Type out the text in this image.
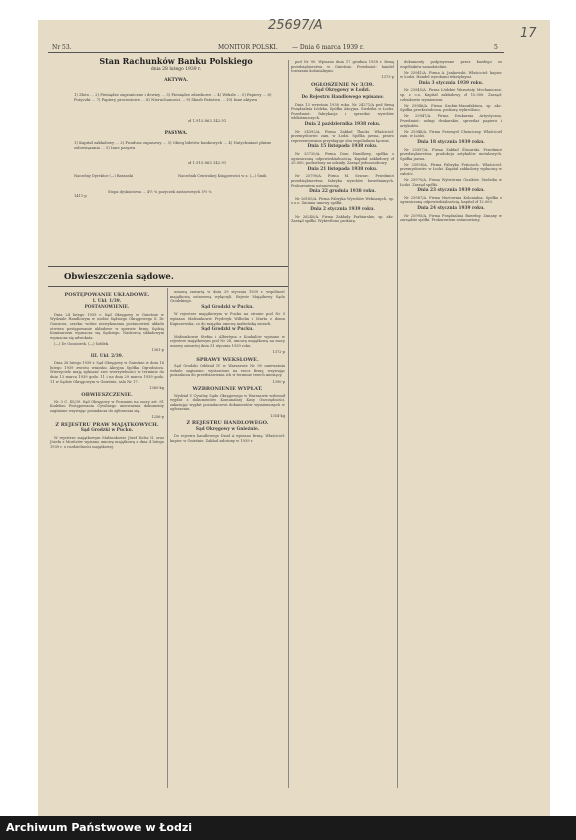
Nr 53.	MONITOR POLSKI. — Dnia 6 marca 1939 r.	5
25697/A
17
Stan Rachunków Banku Polskiego
dnia 28 lutego 1939 r.
AKTYWA.
1) Złoto ... 2) Pieniądze zagraniczne i dewizy ... 3) Pieniądze zdawkowe ... 4) Weksle ... 5) Papiery ... 6) Pożyczki ... 7) Papiery procentowe ... 8) Nieruchomości ... 9) Skarb Państwa ... 10) Inne aktywa
zł 1.915.863.142.91
PASYWA.
1) Kapitał zakładowy ... 2) Fundusz zapasowy ... 3) Obieg biletów bankowych ... 4) Natychmiast płatne zobowiązania ... 5) Inne pasywa
zł 1.915.863.142.91
Naczelny Dyrektor (—) Baranski	Naczelnik Centralnej Księgowości w z. (—) Śmik
Stopa dyskontowa ... 4½ % pożyczek zastawowych 5½ %
1411-p
Obwieszczenia sądowe.
POSTĘPOWANIE UKŁADOWE.
I. Ukł. 1/39.
POSTANOWIENIE.

Dnia 24 lutego 1939 r. Sąd Okręgowy w Gnieźnie w Wydziale Handlowym w osobie Sędziego Okręgowego S. Dr Gonsiora, orzeka: wobec niewykonania postanowień układu otwiera postępowanie układowe w sprawie firmy. Sędzią Komisarzem wyznacza się Sędziego. Nadzorcą układowym wyznacza się adwokata.

(—) Dr Gonsiorek. (—) Sołdek.

1361-p

III. Ukł. 2/39.

Dnia 28 lutego 1939 r. Sąd Okręgowy w Gnieźnie w dniu 16 lutego 1939 zwrotu wniosku Akcyjna Spółka Ogrodnicza. Wierzyciele mają zgłaszać swe wierzytelności w terminie do dnia 13 marca 1939 godz. 11 i na dnia 29 marca 1939 godz. 11 w Sądzie Okręgowym w Gnieźnie, sala Nr 17.

1365-kg

OBWIESZCZENIE.

Nr 3 C. 45/39. Sąd Okręgowy w Poznaniu na mocy art. 81 Kodeksu Postępowania Cywilnego unieważnia dokumenty zaginione wzywając posiadacza do zgłoszenia się.

1256-p

Z REJESTRU PRAW MAJĄTKOWYCH.
Sąd Grodzki w Pucku.

W rejestrze majątkowym Małżonkowie Józef Kelsz II. oraz Józefa z Moritzów wpisano umowę majątkową z dnia 4 lutego 1939 r. o rozdzielności majątkowej.

umową zawartą w dniu 29 stycznia 1939 r. wspólność majątkową ustawową wyłączyli. Rejestr Majątkowy Sądu Grodzkiego.

Sąd Grodzki w Pucku.

W rejestrze majątkowym w Pucku na stronie pod Nr 5 wpisano Małżonkowie Fryderyk Wilhelm i Marta z domu Kupiszewska, co do majątku umowę małżeńską zawarli.

Sąd Grodzki w Pucku.

Małżonkowie Stefan i Albertyna z Konkalów wpisano w rejestrze majątkowym pod Nr 26, umowę majątkową na mocy umowy zawartej dnia 31 stycznia 1939 roku.

1372-p

SPRAWY WEKSLOWE.

Sąd Grodzki Oddział IV w Warszawie Nr 90 unieważnia weksle zaginione, wystawione na rzecz firmy, wzywając posiadacza do przedstawienia ich w terminie trzech miesięcy.

1390-p

WZBRONIENIE WYPŁAT.

Wydział V Cywilny Sądu Okręgowego w Warszawie wzbronił wypłat z dokumentów Komunalnej Kasy Oszczędności, zakazując wypłat posiadaczowi dokumentów wymienionych w ogłoszeniu.

1354-kg

Z REJESTRU HANDLOWEGO.
Sąd Okręgowy w Gnieźnie.

Do rejestru handlowego Dział A wpisano firmę. Właściciel: kupiec w Gnieźnie. Zakład założony w 1939 r.

pod Nr 90. Wpisano dnia 17 grudnia 1938 r. firmę przedsiębiorstwa w Gnieźnie. Przedmiot: handel towarami kolonialnymi.

1373-p

OGŁOSZENIE Nr 3/39.
Sąd Okręgowy w Łodzi.
Do Rejestru Handlowego wpisano:

Dnia 13 września 1938 roku. Nr 24271/A pod firmą Przędzalnia Łódzka, Spółka Akcyjna. Siedziba w Łodzi. Przedmiot: fabrykacja i sprzedaż wyrobów włókienniczych.

Dnia 2 października 1938 roku.

Nr 24392/A. Firma Zakład Tkacki. Właściciel: przemysłowiec zam. w Łodzi. Spółka jawna, prawo reprezentowania przysługuje obu wspólnikom łącznie.

Dnia 15 listopada 1938 roku.

Nr 25720/A. Firma Dom Handlowy, spółka z ograniczoną odpowiedzialnością. Kapitał zakładowy zł 20.000, podzielony na udziały. Zarząd jednoosobowy.

Dnia 21 listopada 1938 roku.

Nr 25790/A. Firma M. Szwarc. Przedmiot przedsiębiorstwa: fabryka wyrobów bawełnianych. Prokurentem ustanowiony.

Dnia 22 grudnia 1938 roku.

Nr 26185/A. Firma Fabryka Wyrobów Wełnianych, sp. z o.o. Zmiana umowy spółki.

Dnia 2 stycznia 1939 roku.

Nr 26240/A. Firma Zakłady Farbiarskie, sp. akc. Zarząd spółki. Wykreślono prokurę.

dokumenty podpisywane przez każdego ze wspólników samodzielnie.

Nr 25941/A. Firma A. Jankowski. Właściciel: kupiec w Łodzi. Handel wyrobami tekstylnymi.

Dnia 3 stycznia 1939 roku.

Nr 25945/A. Firma Łódzkie Warsztaty Mechaniczne, sp. z o.o. Kapitał zakładowy zł 10.000. Zarząd: członkowie wymienieni.

Nr 25946/A. Firma Szubin-Manufaktura, sp. akc. Spółka przekształcona, prokurę wykreślono.

Nr 25947/A. Firma Drukarnia Artystyczna. Przedmiot: usługi drukarskie, sprzedaż papieru i artykułów.

Nr 25948/A. Firma Przemysł Chemiczny. Właściciel zam. w Łodzi.

Dnia 18 stycznia 1939 roku.

Nr 25957/A. Firma Zakład Ślusarski. Przedmiot przedsiębiorstwa: produkcja artykułów metalowych. Spółka jawna.

Nr 25958/A. Firma Fabryka Pończoch. Właściciel: przemysłowiec w Łodzi. Kapitał zakładowy wpłacony w całości.

Nr 25970/A. Firma Wytwórnia Guzików. Siedziba w Łodzi. Zarząd spółki.

Dnia 23 stycznia 1939 roku.

Nr 25987/A. Firma Hurtownia Kolonialna. Spółka z ograniczoną odpowiedzialnością, kapitał zł 12.000.

Dnia 24 stycznia 1939 roku.

Nr 25995/A. Firma Przędzalnia Bawełny. Zmiany w zarządzie spółki. Prokurentem ustanowiony.

Archiwum Państwowe w Łodzi
